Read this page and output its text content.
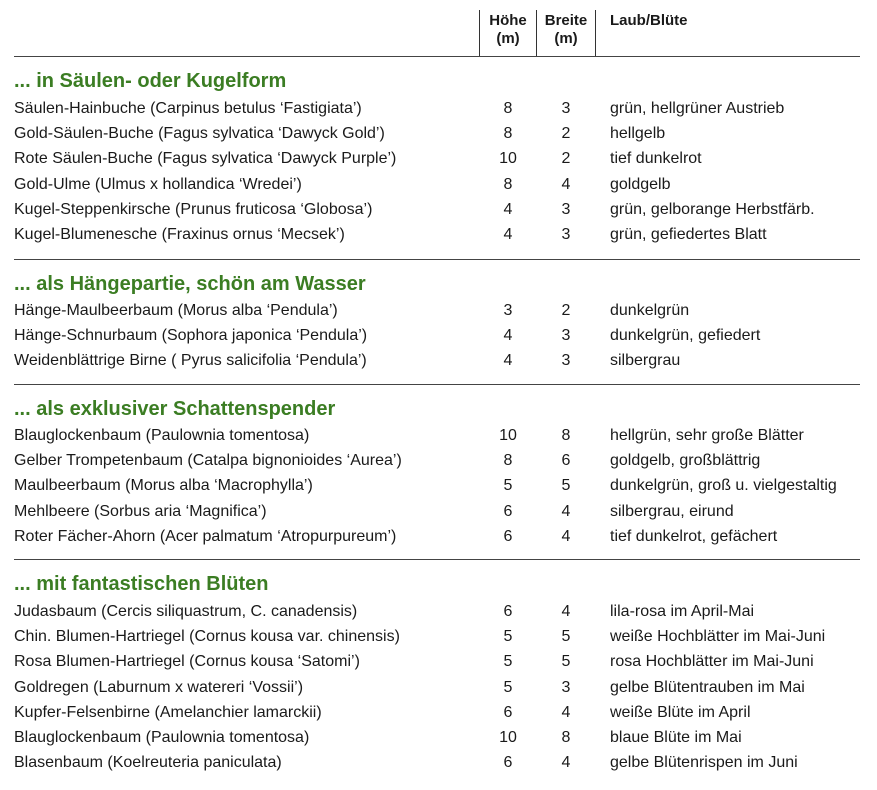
Höhe
(m)
Breite
(m)
Laub/Blüte
... in Säulen- oder Kugelform
Säulen-Hainbuche (Carpinus betulus ‘Fastigiata’)	8	3	grün, hellgrüner Austrieb
Gold-Säulen-Buche (Fagus sylvatica ‘Dawyck Gold’)	8	2	hellgelb
Rote Säulen-Buche (Fagus sylvatica ‘Dawyck Purple’)	10	2	tief dunkelrot
Gold-Ulme (Ulmus x hollandica ‘Wredei’)	8	4	goldgelb
Kugel-Steppenkirsche (Prunus fruticosa ‘Globosa’)	4	3	grün, gelborange Herbstfärb.
Kugel-Blumenesche (Fraxinus ornus ‘Mecsek’)	4	3	grün, gefiedertes Blatt
... als Hängepartie, schön am Wasser
Hänge-Maulbeerbaum (Morus alba ‘Pendula’)	3	2	dunkelgrün
Hänge-Schnurbaum (Sophora japonica ‘Pendula’)	4	3	dunkelgrün, gefiedert
Weidenblättrige Birne ( Pyrus salicifolia ‘Pendula’)	4	3	silbergrau
... als exklusiver Schattenspender
Blauglockenbaum (Paulownia tomentosa)	10	8	hellgrün, sehr große Blätter
Gelber Trompetenbaum (Catalpa bignonioides ‘Aurea’)	8	6	goldgelb, großblättrig
Maulbeerbaum (Morus alba ‘Macrophylla’)	5	5	dunkelgrün, groß u. vielgestaltig
Mehlbeere (Sorbus aria ‘Magnifica’)	6	4	silbergrau, eirund
Roter Fächer-Ahorn (Acer palmatum ‘Atropurpureum’)	6	4	tief dunkelrot, gefächert
... mit fantastischen Blüten
Judasbaum (Cercis siliquastrum, C. canadensis)	6	4	lila-rosa im April-Mai
Chin. Blumen-Hartriegel (Cornus kousa var. chinensis)	5	5	weiße Hochblätter im Mai-Juni
Rosa Blumen-Hartriegel (Cornus kousa ‘Satomi’)	5	5	rosa Hochblätter im Mai-Juni
Goldregen (Laburnum x watereri ‘Vossii’)	5	3	gelbe Blütentrauben im Mai
Kupfer-Felsenbirne (Amelanchier lamarckii)	6	4	weiße Blüte im April
Blauglockenbaum (Paulownia tomentosa)	10	8	blaue Blüte im Mai
Blasenbaum (Koelreuteria paniculata)	6	4	gelbe Blütenrispen im Juni
